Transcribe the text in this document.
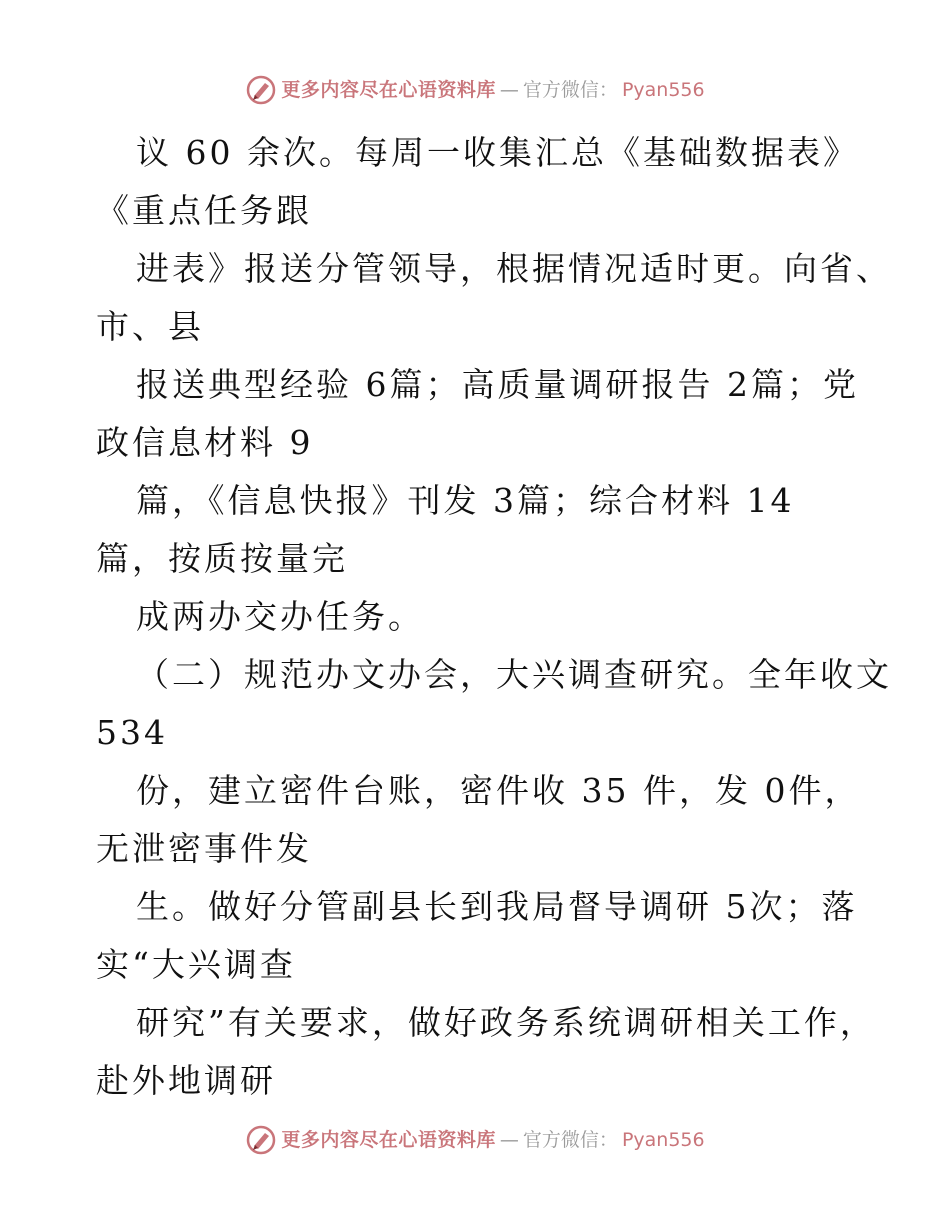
更多内容尽在心语资料库 — 官方微信： Pyan556
议 60 余次。每周一收集汇总《基础数据表》
《重点任务跟
进表》报送分管领导，根据情况适时更。向省、
市、县
报送典型经验 6篇；高质量调研报告 2篇；党
政信息材料 9
篇，《信息快报》刊发 3篇；综合材料 14
篇，按质按量完
成两办交办任务。
（二）规范办文办会，大兴调查研究。全年收文
534
份，建立密件台账，密件收 35 件，发 0件，
无泄密事件发
生。做好分管副县长到我局督导调研 5次；落
实“大兴调查
研究”有关要求，做好政务系统调研相关工作，
赴外地调研
更多内容尽在心语资料库 — 官方微信： Pyan556
